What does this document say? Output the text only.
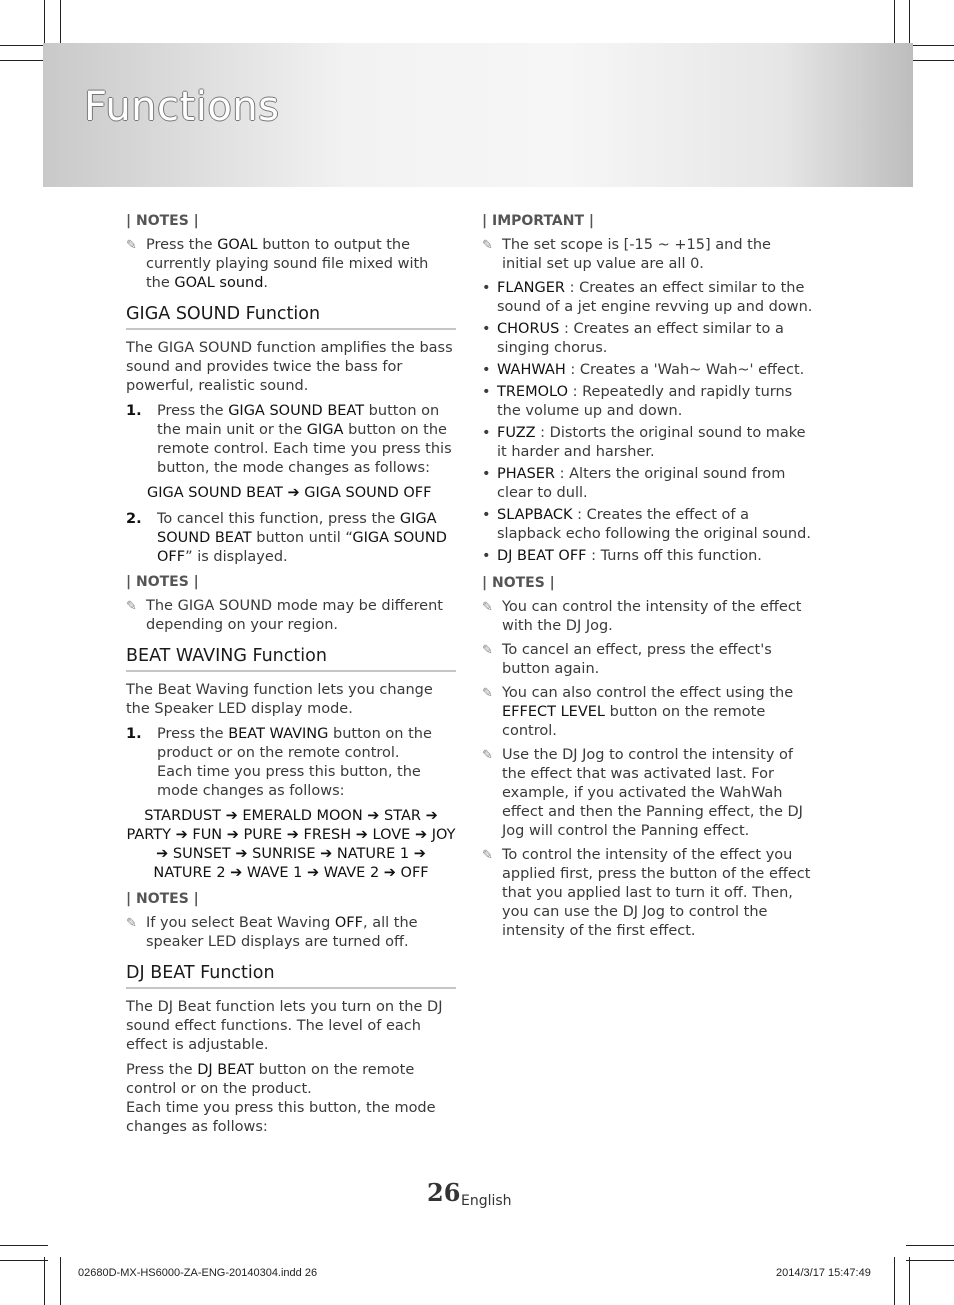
Functions
| NOTES |
✎ Press the GOAL button to output the currently playing sound file mixed with the GOAL sound.
GIGA SOUND Function

The GIGA SOUND function amplifies the bass sound and provides twice the bass for powerful, realistic sound.

1. Press the GIGA SOUND BEAT button on the main unit or the GIGA button on the remote control. Each time you press this button, the mode changes as follows:
GIGA SOUND BEAT ➔ GIGA SOUND OFF
2. To cancel this function, press the GIGA SOUND BEAT button until “GIGA SOUND OFF” is displayed.
| NOTES |
✎ The GIGA SOUND mode may be different depending on your region.
BEAT WAVING Function

The Beat Waving function lets you change the Speaker LED display mode.

1. Press the BEAT WAVING button on the product or on the remote control.
Each time you press this button, the mode changes as follows:
STARDUST ➔ EMERALD MOON ➔ STAR ➔ PARTY ➔ FUN ➔ PURE ➔ FRESH ➔ LOVE ➔ JOY ➔ SUNSET ➔ SUNRISE ➔ NATURE 1 ➔ NATURE 2 ➔ WAVE 1 ➔ WAVE 2 ➔ OFF
| NOTES |
✎ If you select Beat Waving OFF, all the speaker LED displays are turned off.
DJ BEAT Function

The DJ Beat function lets you turn on the DJ sound effect functions. The level of each effect is adjustable.

Press the DJ BEAT button on the remote control or on the product.

Each time you press this button, the mode changes as follows:

| IMPORTANT |
✎ The set scope is [-15 ~ +15] and the initial set up value are all 0.
• FLANGER : Creates an effect similar to the sound of a jet engine revving up and down.
• CHORUS : Creates an effect similar to a singing chorus.
• WAHWAH : Creates a 'Wah~ Wah~' effect.
• TREMOLO : Repeatedly and rapidly turns the volume up and down.
• FUZZ : Distorts the original sound to make it harder and harsher.
• PHASER : Alters the original sound from clear to dull.
• SLAPBACK : Creates the effect of a slapback echo following the original sound.
• DJ BEAT OFF : Turns off this function.
| NOTES |
✎ You can control the intensity of the effect with the DJ Jog.
✎ To cancel an effect, press the effect's button again.
✎ You can also control the effect using the EFFECT LEVEL button on the remote control.
✎ Use the DJ Jog to control the intensity of the effect that was activated last. For example, if you activated the WahWah effect and then the Panning effect, the DJ Jog will control the Panning effect.
✎ To control the intensity of the effect you applied first, press the button of the effect that you applied last to turn it off. Then, you can use the DJ Jog to control the intensity of the first effect.
26 English
02680D-MX-HS6000-ZA-ENG-20140304.indd 26	2014/3/17 15:47:49
